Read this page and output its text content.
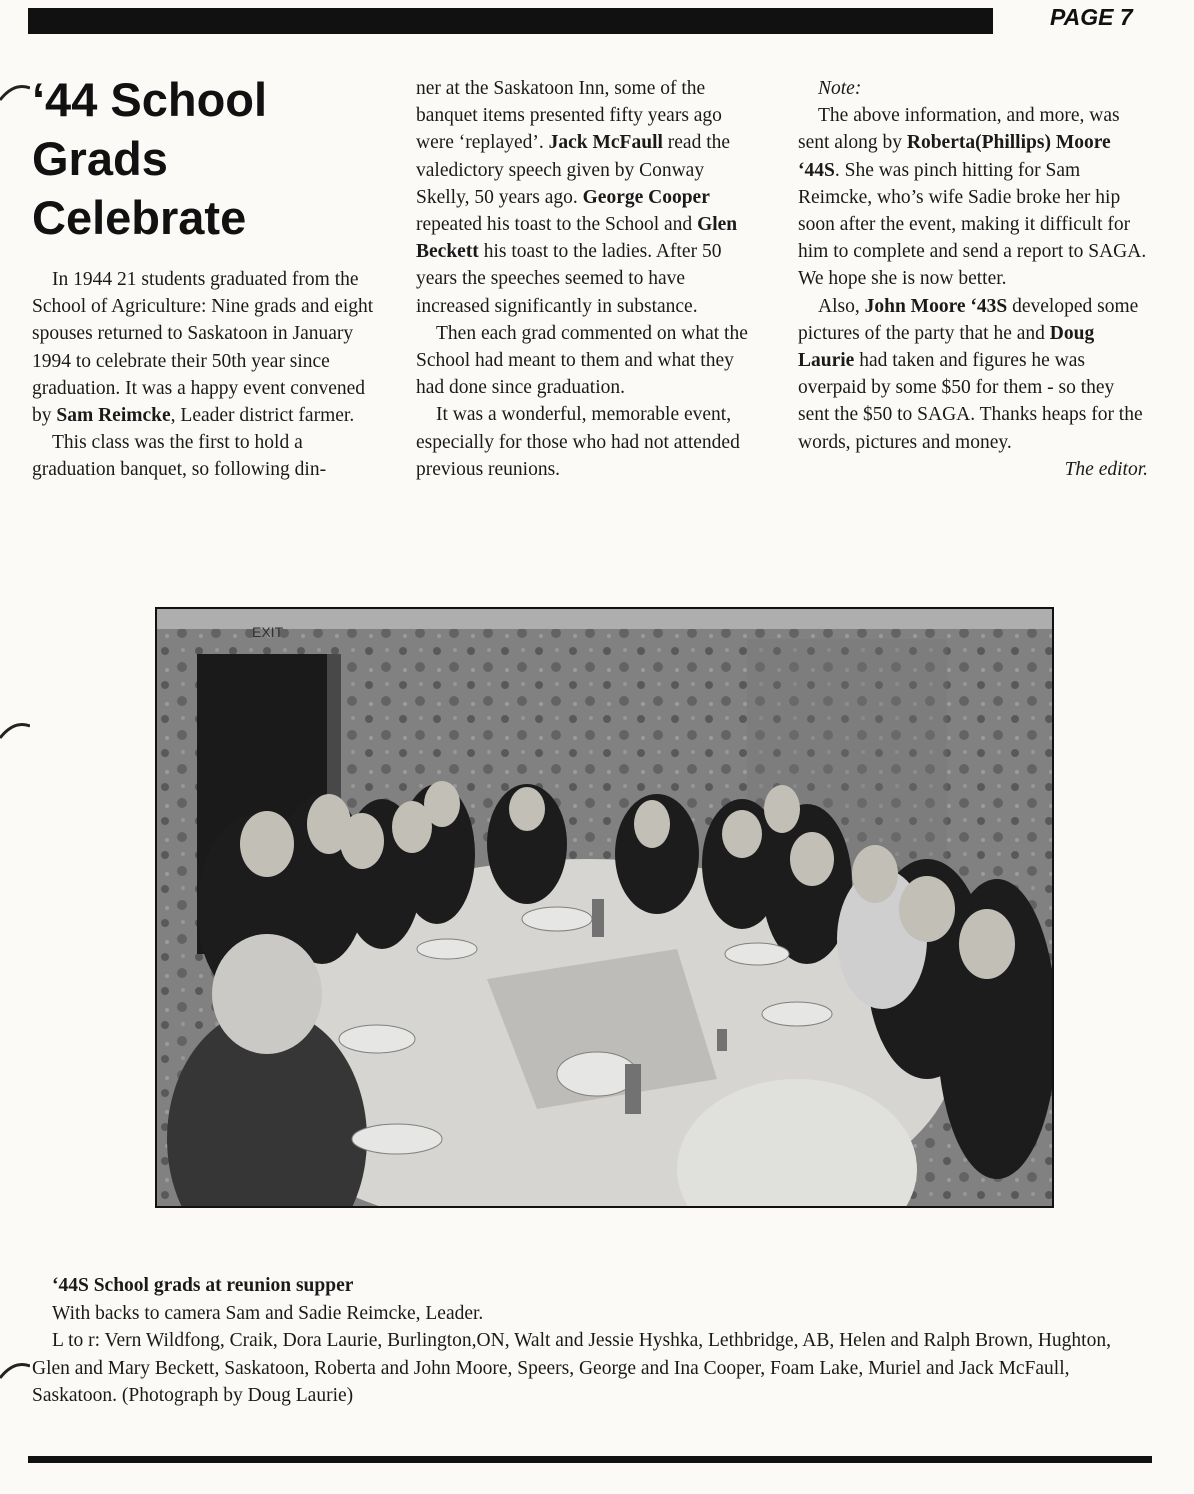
PAGE 7
‘44 School
Grads
Celebrate

In 1944 21 students graduated from the School of Agriculture: Nine grads and eight spouses returned to Saskatoon in January 1994 to celebrate their 50th year since graduation. It was a happy event convened by Sam Reimcke, Leader district farmer.

This class was the first to hold a graduation banquet, so following din-

ner at the Saskatoon Inn, some of the banquet items presented fifty years ago were ‘replayed’. Jack McFaull read the valedictory speech given by Conway Skelly, 50 years ago. George Cooper repeated his toast to the School and Glen Beckett his toast to the ladies. After 50 years the speeches seemed to have increased significantly in substance.

Then each grad commented on what the School had meant to them and what they had done since graduation.

It was a wonderful, memorable event, especially for those who had not attended previous reunions.

Note:

The above information, and more, was sent along by Roberta(Phillips) Moore ‘44S. She was pinch hitting for Sam Reimcke, who’s wife Sadie broke her hip soon after the event, making it difficult for him to complete and send a report to SAGA. We hope she is now better.

Also, John Moore ‘43S developed some pictures of the party that he and Doug Laurie had taken and figures he was overpaid by some $50 for them - so they sent the $50 to SAGA. Thanks heaps for the words, pictures and money.

The editor.

EXIT

‘44S School grads at reunion supper

With backs to camera Sam and Sadie Reimcke, Leader.

L to r: Vern Wildfong, Craik, Dora Laurie, Burlington,ON, Walt and Jessie Hyshka, Lethbridge, AB, Helen and Ralph Brown, Hughton, Glen and Mary Beckett, Saskatoon, Roberta and John Moore, Speers, George and Ina Cooper, Foam Lake, Muriel and Jack McFaull, Saskatoon. (Photograph by Doug Laurie)
